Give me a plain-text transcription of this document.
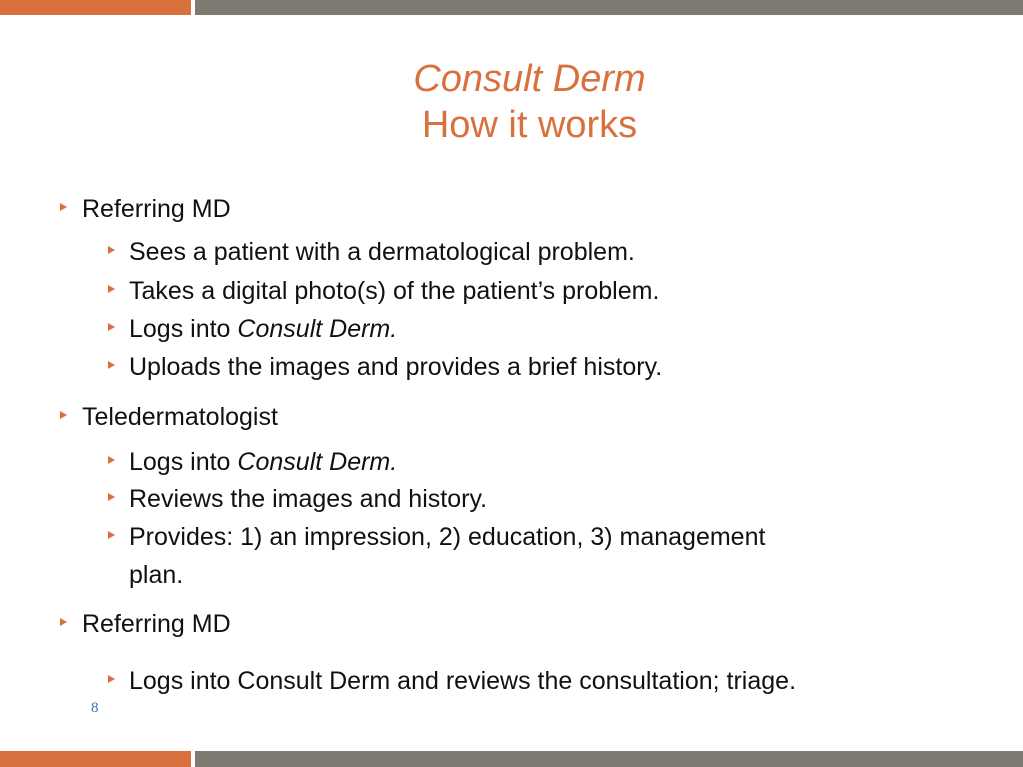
Consult Derm
How it works
Referring MD
Sees a patient with a dermatological problem.
Takes a digital photo(s) of the patient’s problem.
Logs into Consult Derm.
Uploads the images and provides a brief history.
Teledermatologist
Logs into Consult Derm.
Reviews the images and history.
Provides: 1) an impression, 2) education, 3) management
plan.
Referring MD
Logs into Consult Derm and reviews the consultation; triage.
8
